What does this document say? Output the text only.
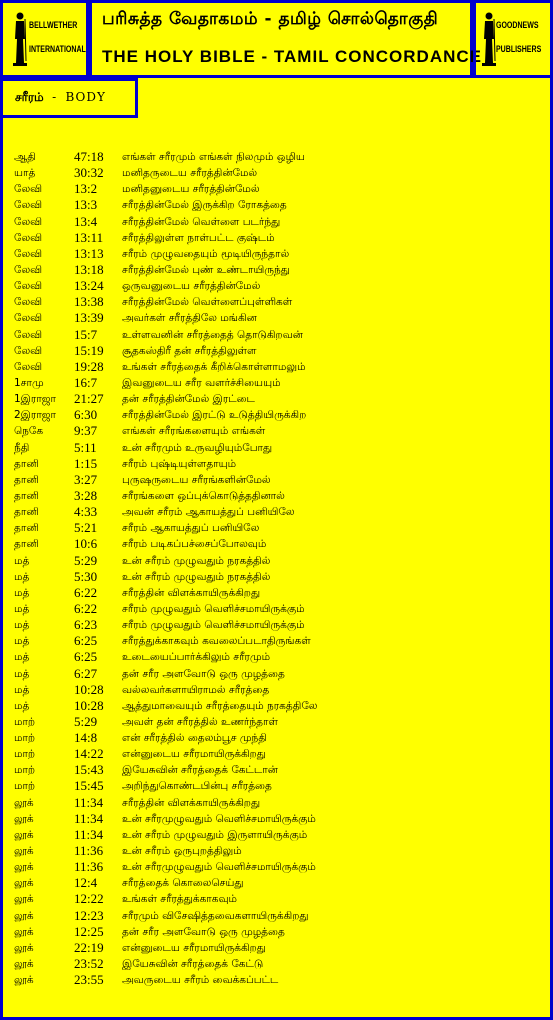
BELLWETHER
INTERNATIONAL
பரிசுத்த வேதாகமம் - தமிழ் சொல்தொகுதி
THE HOLY BIBLE - TAMIL CONCORDANCE
GOODNEWS
PUBLISHERS
சரீரம் - BODY
ஆதி	47:18	எங்கள் சரீரமும் எங்கள் நிலமும் ஒழிய
யாத்	30:32	மனிதருடைய சரீரத்தின்மேல்
லேவி	13:2	மனிதனுடைய சரீரத்தின்மேல்
லேவி	13:3	சரீரத்தின்மேல் இருக்கிற ரோகத்தை
லேவி	13:4	சரீரத்தின்மேல் வெள்ளை படர்ந்து
லேவி	13:11	சரீரத்திலுள்ள நாள்பட்ட குஷ்டம்
லேவி	13:13	சரீரம் முழுவதையும் மூடியிருந்தால்
லேவி	13:18	சரீரத்தின்மேல் புண் உண்டாயிருந்து
லேவி	13:24	ஒருவனுடைய சரீரத்தின்மேல்
லேவி	13:38	சரீரத்தின்மேல் வெள்ளைப்புள்ளிகள்
லேவி	13:39	அவர்கள் சரீரத்திலே மங்கின
லேவி	15:7	உள்ளவனின் சரீரத்தைத் தொடுகிறவன்
லேவி	15:19	சூதகஸ்திரீ தன் சரீரத்திலுள்ள
லேவி	19:28	உங்கள் சரீரத்தைக் கீறிக்கொள்ளாமலும்
1சாமு	16:7	இவனுடைய சரீர வளர்ச்சியையும்
1இராஜா	21:27	தன் சரீரத்தின்மேல் இரட்டை
2இராஜா	6:30	சரீரத்தின்மேல் இரட்டு உடுத்தியிருக்கிற
நெகே	9:37	எங்கள் சரீரங்களையும் எங்கள்
நீதி	5:11	உன் சரீரமும் உருவழியும்போது
தானி	1:15	சரீரம் புஷ்டியுள்ளதாயும்
தானி	3:27	புருஷருடைய சரீரங்களின்மேல்
தானி	3:28	சரீரங்களை ஒப்புக்கொடுத்ததினால்
தானி	4:33	அவன் சரீரம் ஆகாயத்துப் பனியிலே
தானி	5:21	சரீரம் ஆகாயத்துப் பனியிலே
தானி	10:6	சரீரம் படிகப்பச்சைப்போலவும்
மத்	5:29	உன் சரீரம் முழுவதும் நரகத்தில்
மத்	5:30	உன் சரீரம் முழுவதும் நரகத்தில்
மத்	6:22	சரீரத்தின் விளக்காயிருக்கிறது
மத்	6:22	சரீரம் முழுவதும் வெளிச்சமாயிருக்கும்
மத்	6:23	சரீரம் முழுவதும் வெளிச்சமாயிருக்கும்
மத்	6:25	சரீரத்துக்காகவும் கவலைப்படாதிருங்கள்
மத்	6:25	உடையைப்பார்க்கிலும் சரீரமும்
மத்	6:27	தன் சரீர அளவோடு ஒரு முழத்தை
மத்	10:28	வல்லவர்களாயிராமல் சரீரத்தை
மத்	10:28	ஆத்துமாவையும் சரீரத்தையும் நரகத்திலே
மாற்	5:29	அவள் தன் சரீரத்தில் உணர்ந்தாள்
மாற்	14:8	என் சரீரத்தில் தைலம்பூச முந்தி
மாற்	14:22	என்னுடைய சரீரமாயிருக்கிறது
மாற்	15:43	இயேசுவின் சரீரத்தைக் கேட்டான்
மாற்	15:45	அறிந்துகொண்டபின்பு சரீரத்தை
லூக்	11:34	சரீரத்தின் விளக்காயிருக்கிறது
லூக்	11:34	உன் சரீரமுழுவதும் வெளிச்சமாயிருக்கும்
லூக்	11:34	உன் சரீரம் முழுவதும் இருளாயிருக்கும்
லூக்	11:36	உன் சரீரம் ஒருபுறத்திலும்
லூக்	11:36	உன் சரீரமுழுவதும் வெளிச்சமாயிருக்கும்
லூக்	12:4	சரீரத்தைக் கொலைசெய்து
லூக்	12:22	உங்கள் சரீரத்துக்காகவும்
லூக்	12:23	சரீரமும் விசேஷித்தவைகளாயிருக்கிறது
லூக்	12:25	தன் சரீர அளவோடு ஒரு முழத்தை
லூக்	22:19	என்னுடைய சரீரமாயிருக்கிறது
லூக்	23:52	இயேசுவின் சரீரத்தைக் கேட்டு
லூக்	23:55	அவருடைய சரீரம் வைக்கப்பட்ட
